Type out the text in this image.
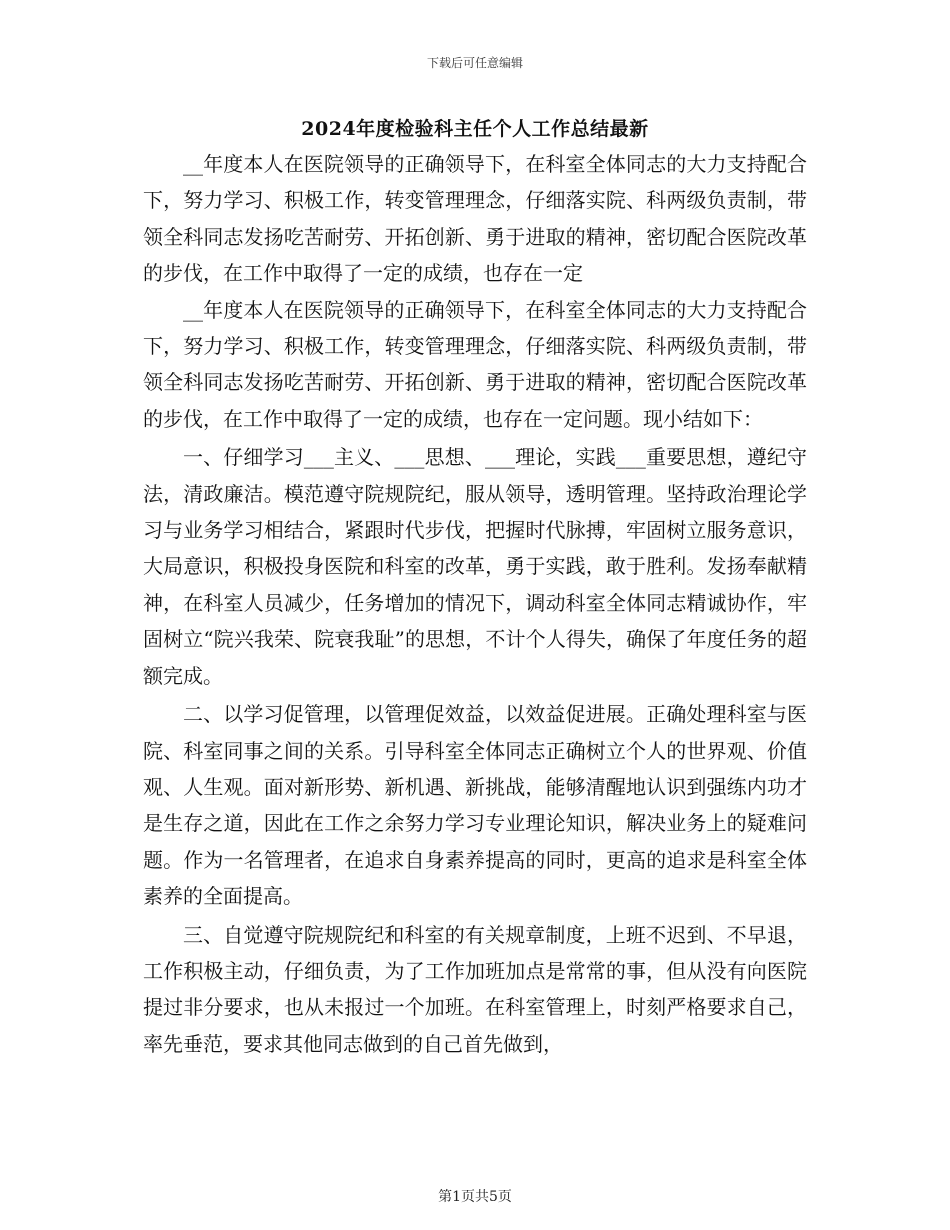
下载后可任意编辑
2024年度检验科主任个人工作总结最新

__年度本人在医院领导的正确领导下，在科室全体同志的大力支持配合下，努力学习、积极工作，转变管理理念，仔细落实院、科两级负责制，带领全科同志发扬吃苦耐劳、开拓创新、勇于进取的精神，密切配合医院改革的步伐，在工作中取得了一定的成绩，也存在一定

__年度本人在医院领导的正确领导下，在科室全体同志的大力支持配合下，努力学习、积极工作，转变管理理念，仔细落实院、科两级负责制，带领全科同志发扬吃苦耐劳、开拓创新、勇于进取的精神，密切配合医院改革的步伐，在工作中取得了一定的成绩，也存在一定问题。现小结如下：

一、仔细学习___主义、___思想、___理论，实践___重要思想，遵纪守法，清政廉洁。模范遵守院规院纪，服从领导，透明管理。坚持政治理论学习与业务学习相结合，紧跟时代步伐，把握时代脉搏，牢固树立服务意识，大局意识，积极投身医院和科室的改革，勇于实践，敢于胜利。发扬奉献精神，在科室人员减少，任务增加的情况下，调动科室全体同志精诚协作，牢固树立“院兴我荣、院衰我耻”的思想，不计个人得失，确保了年度任务的超额完成。

二、以学习促管理，以管理促效益，以效益促进展。正确处理科室与医院、科室同事之间的关系。引导科室全体同志正确树立个人的世界观、价值观、人生观。面对新形势、新机遇、新挑战，能够清醒地认识到强练内功才是生存之道，因此在工作之余努力学习专业理论知识，解决业务上的疑难问题。作为一名管理者，在追求自身素养提高的同时，更高的追求是科室全体素养的全面提高。

三、自觉遵守院规院纪和科室的有关规章制度，上班不迟到、不早退，工作积极主动，仔细负责，为了工作加班加点是常常的事，但从没有向医院提过非分要求，也从未报过一个加班。在科室管理上，时刻严格要求自己，率先垂范，要求其他同志做到的自己首先做到，

第1页共5页
